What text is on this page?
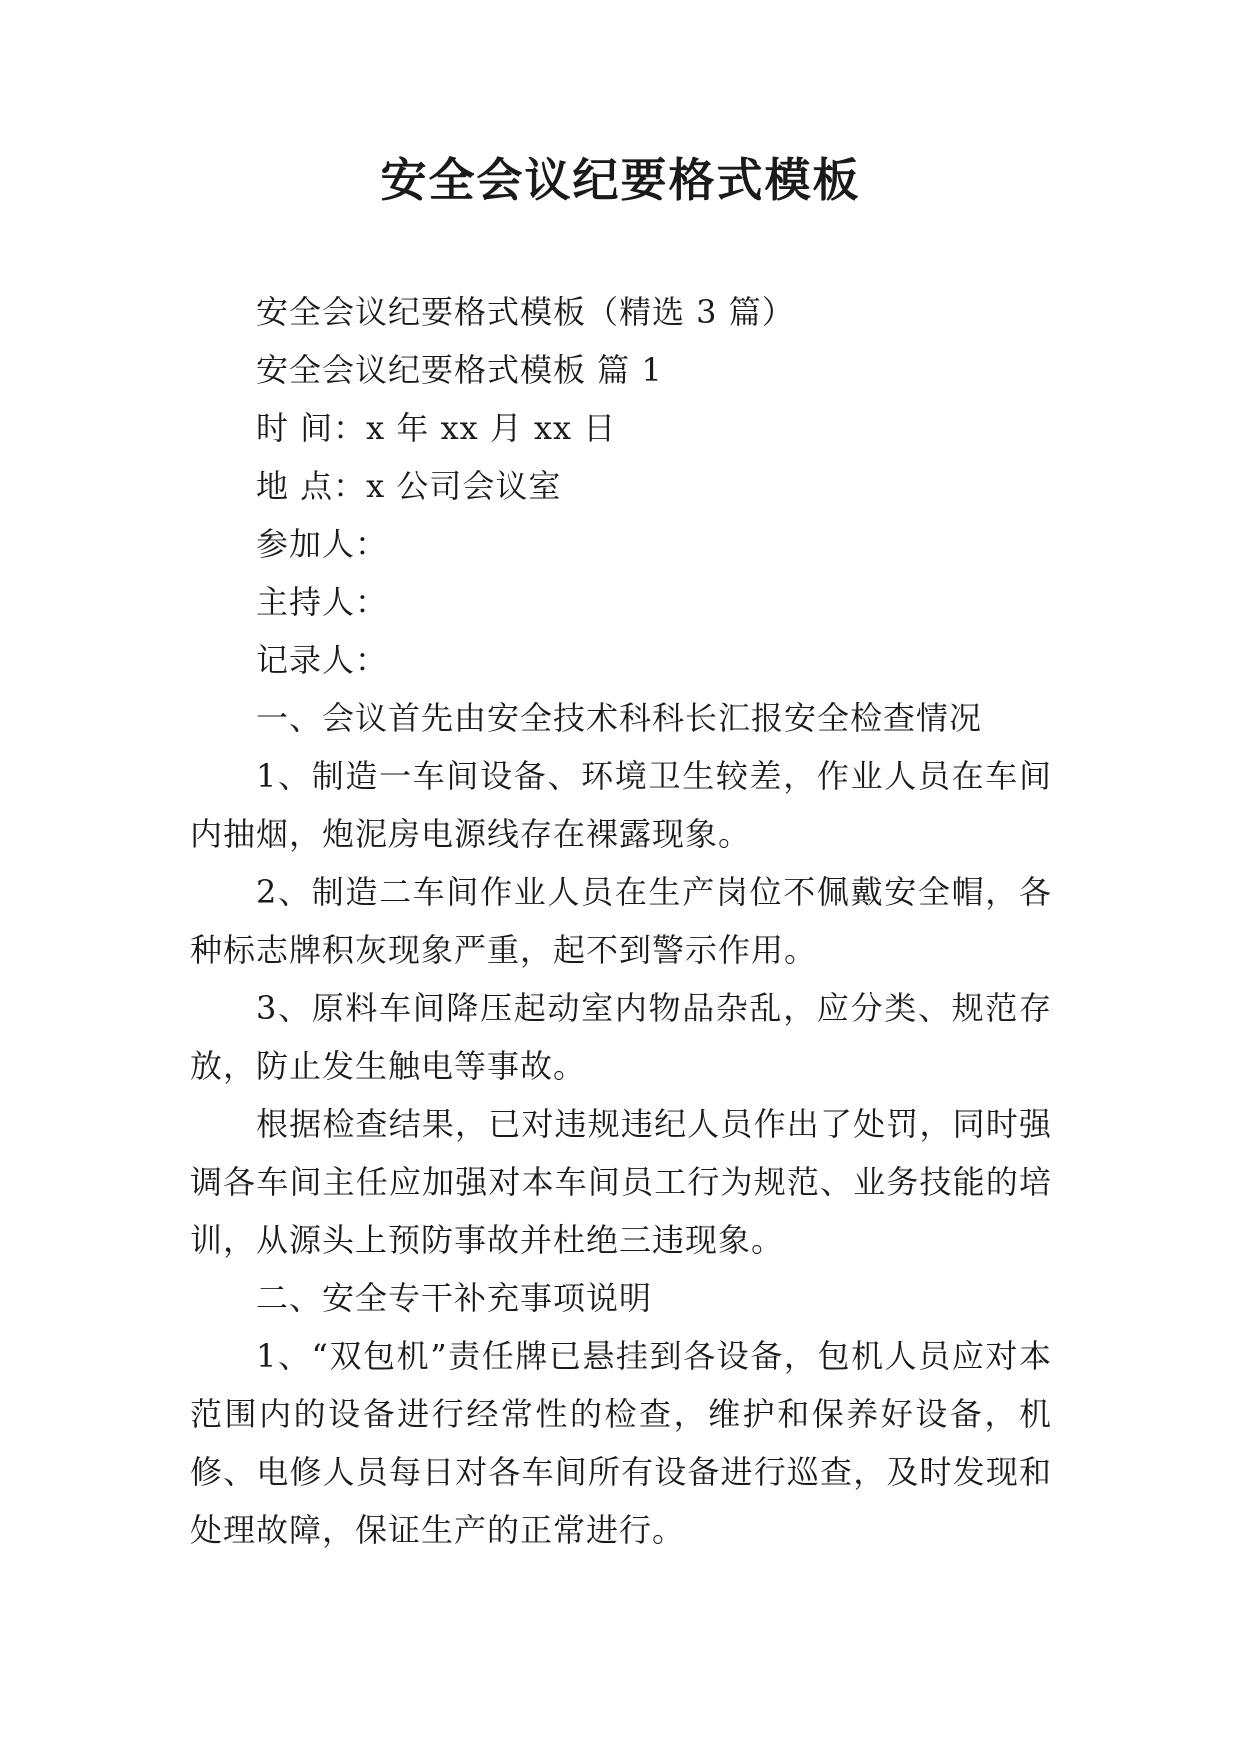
安全会议纪要格式模板

安全会议纪要格式模板（精选 3 篇）

安全会议纪要格式模板 篇 1

时 间：x 年 xx 月 xx 日

地 点：x 公司会议室

参加人：

主持人：

记录人：

一、会议首先由安全技术科科长汇报安全检查情况

1、制造一车间设备、环境卫生较差，作业人员在车间内抽烟，炮泥房电源线存在裸露现象。

2、制造二车间作业人员在生产岗位不佩戴安全帽，各种标志牌积灰现象严重，起不到警示作用。

3、原料车间降压起动室内物品杂乱，应分类、规范存放，防止发生触电等事故。

根据检查结果，已对违规违纪人员作出了处罚，同时强调各车间主任应加强对本车间员工行为规范、业务技能的培训，从源头上预防事故并杜绝三违现象。

二、安全专干补充事项说明

1、“双包机”责任牌已悬挂到各设备，包机人员应对本范围内的设备进行经常性的检查，维护和保养好设备，机修、电修人员每日对各车间所有设备进行巡查，及时发现和处理故障，保证生产的正常进行。
